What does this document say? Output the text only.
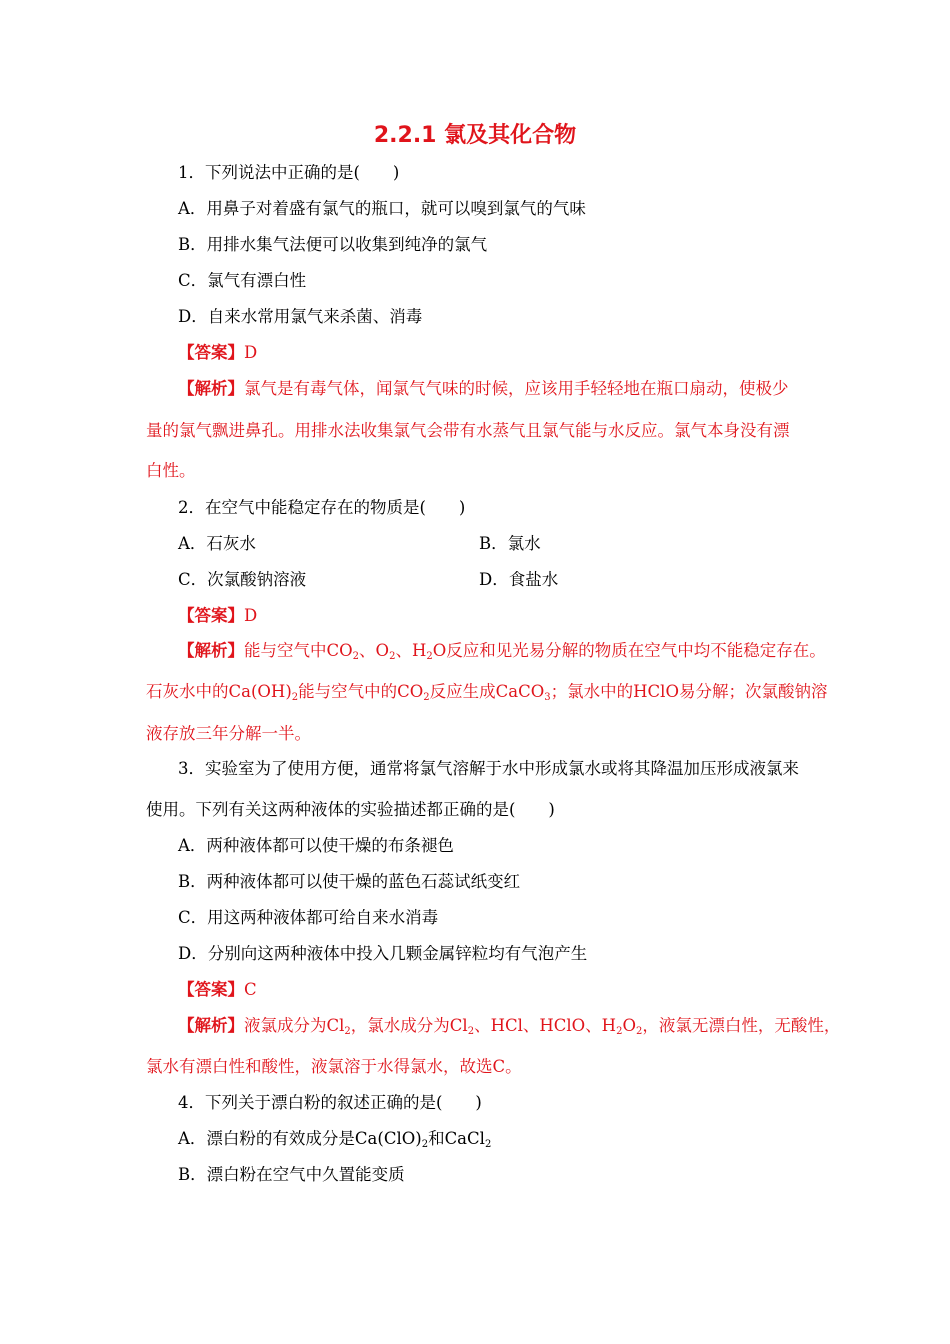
2.2.1 氯及其化合物
1．下列说法中正确的是(　　)
A．用鼻子对着盛有氯气的瓶口，就可以嗅到氯气的气味
B．用排水集气法便可以收集到纯净的氯气
C．氯气有漂白性
D．自来水常用氯气来杀菌、消毒
【答案】D
【解析】氯气是有毒气体，闻氯气气味的时候，应该用手轻轻地在瓶口扇动，使极少
量的氯气飘进鼻孔。用排水法收集氯气会带有水蒸气且氯气能与水反应。氯气本身没有漂
白性。
2．在空气中能稳定存在的物质是(　　)
A．石灰水	B．氯水
C．次氯酸钠溶液	D．食盐水
【答案】D
【解析】能与空气中$CO_2$、$O_2$、$H_2O$反应和见光易分解的物质在空气中均不能稳定存在。
石灰水中的$Ca(OH)_2$能与空气中的$CO_2$反应生成CaCO$_3$；氯水中的HClO易分解；次氯酸钠溶
液存放三年分解一半。
3．实验室为了使用方便，通常将氯气溶解于水中形成氯水或将其降温加压形成液氯来
使用。下列有关这两种液体的实验描述都正确的是(　　)
A．两种液体都可以使干燥的布条褪色
B．两种液体都可以使干燥的蓝色石蕊试纸变红
C．用这两种液体都可给自来水消毒
D．分别向这两种液体中投入几颗金属锌粒均有气泡产生
【答案】C
【解析】液氯成分为$Cl_2$，氯水成分为$Cl_2$、HCl、HClO、$H_2O_2$，液氯无漂白性，无酸性，
氯水有漂白性和酸性，液氯溶于水得氯水，故选C。
4．下列关于漂白粉的叙述正确的是(　　)
A．漂白粉的有效成分是$Ca(ClO)_2$和CaCl$_2$
B．漂白粉在空气中久置能变质
